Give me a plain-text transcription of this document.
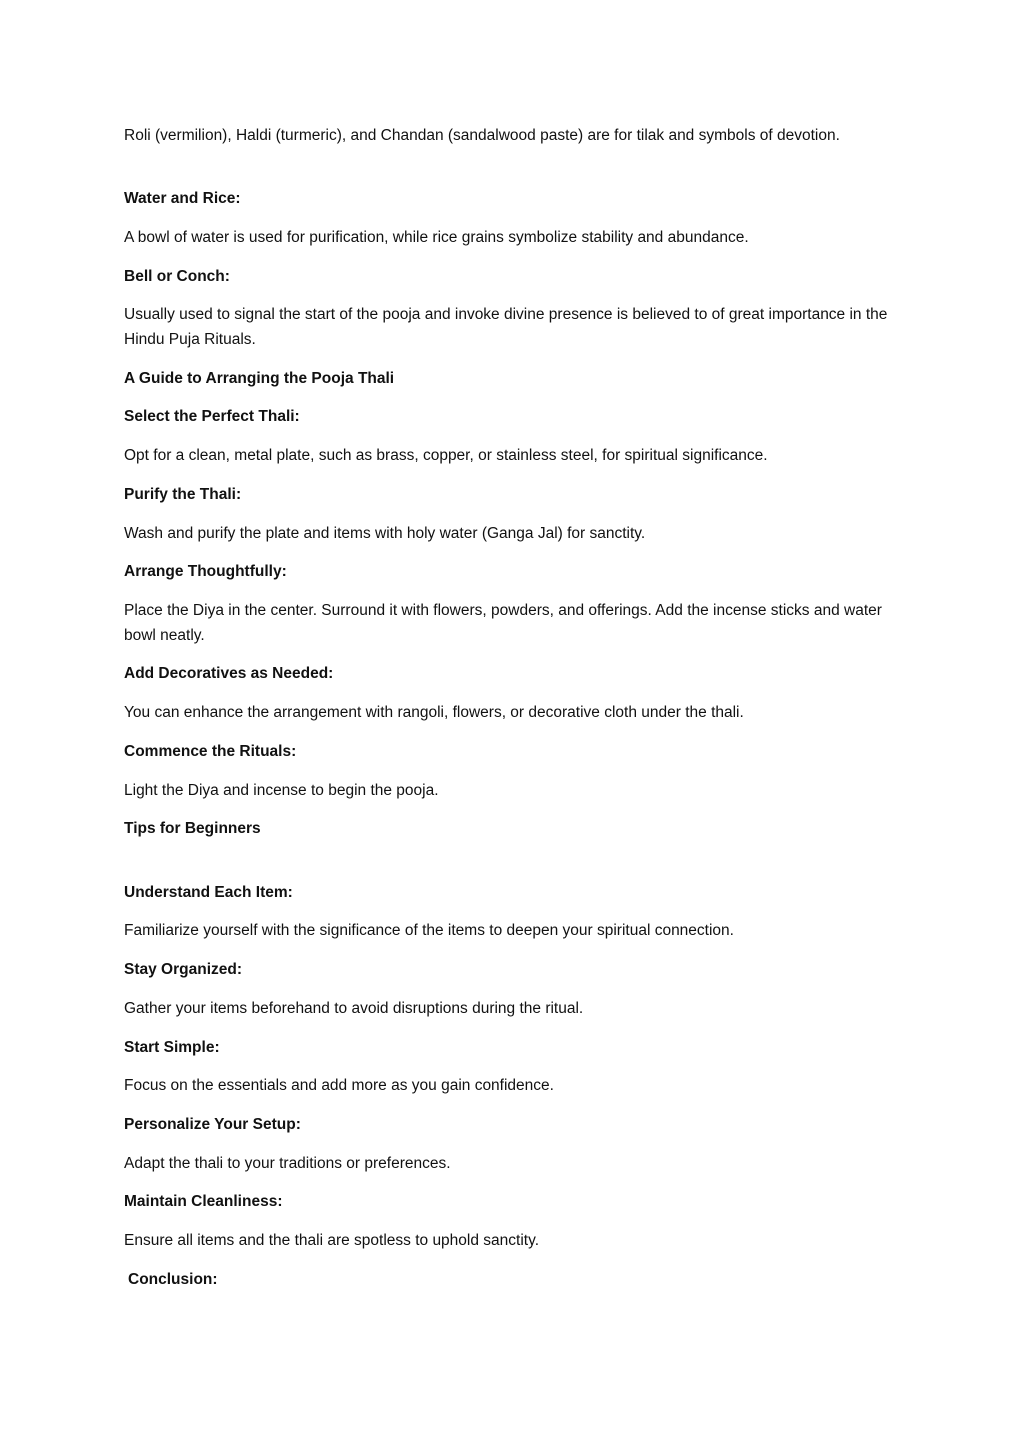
Roli (vermilion), Haldi (turmeric), and Chandan (sandalwood paste) are for tilak and symbols of devotion.

Water and Rice:

A bowl of water is used for purification, while rice grains symbolize stability and abundance.

Bell or Conch:

Usually used to signal the start of the pooja and invoke divine presence is believed to of great importance in the Hindu Puja Rituals.

A Guide to Arranging the Pooja Thali

Select the Perfect Thali:

Opt for a clean, metal plate, such as brass, copper, or stainless steel, for spiritual significance.

Purify the Thali:

Wash and purify the plate and items with holy water (Ganga Jal) for sanctity.

Arrange Thoughtfully:

Place the Diya in the center. Surround it with flowers, powders, and offerings. Add the incense sticks and water bowl neatly.

Add Decoratives as Needed:

You can enhance the arrangement with rangoli, flowers, or decorative cloth under the thali.

Commence the Rituals:

Light the Diya and incense to begin the pooja.

Tips for Beginners

Understand Each Item:

Familiarize yourself with the significance of the items to deepen your spiritual connection.

Stay Organized:

Gather your items beforehand to avoid disruptions during the ritual.

Start Simple:

Focus on the essentials and add more as you gain confidence.

Personalize Your Setup:

Adapt the thali to your traditions or preferences.

Maintain Cleanliness:

Ensure all items and the thali are spotless to uphold sanctity.

Conclusion:
